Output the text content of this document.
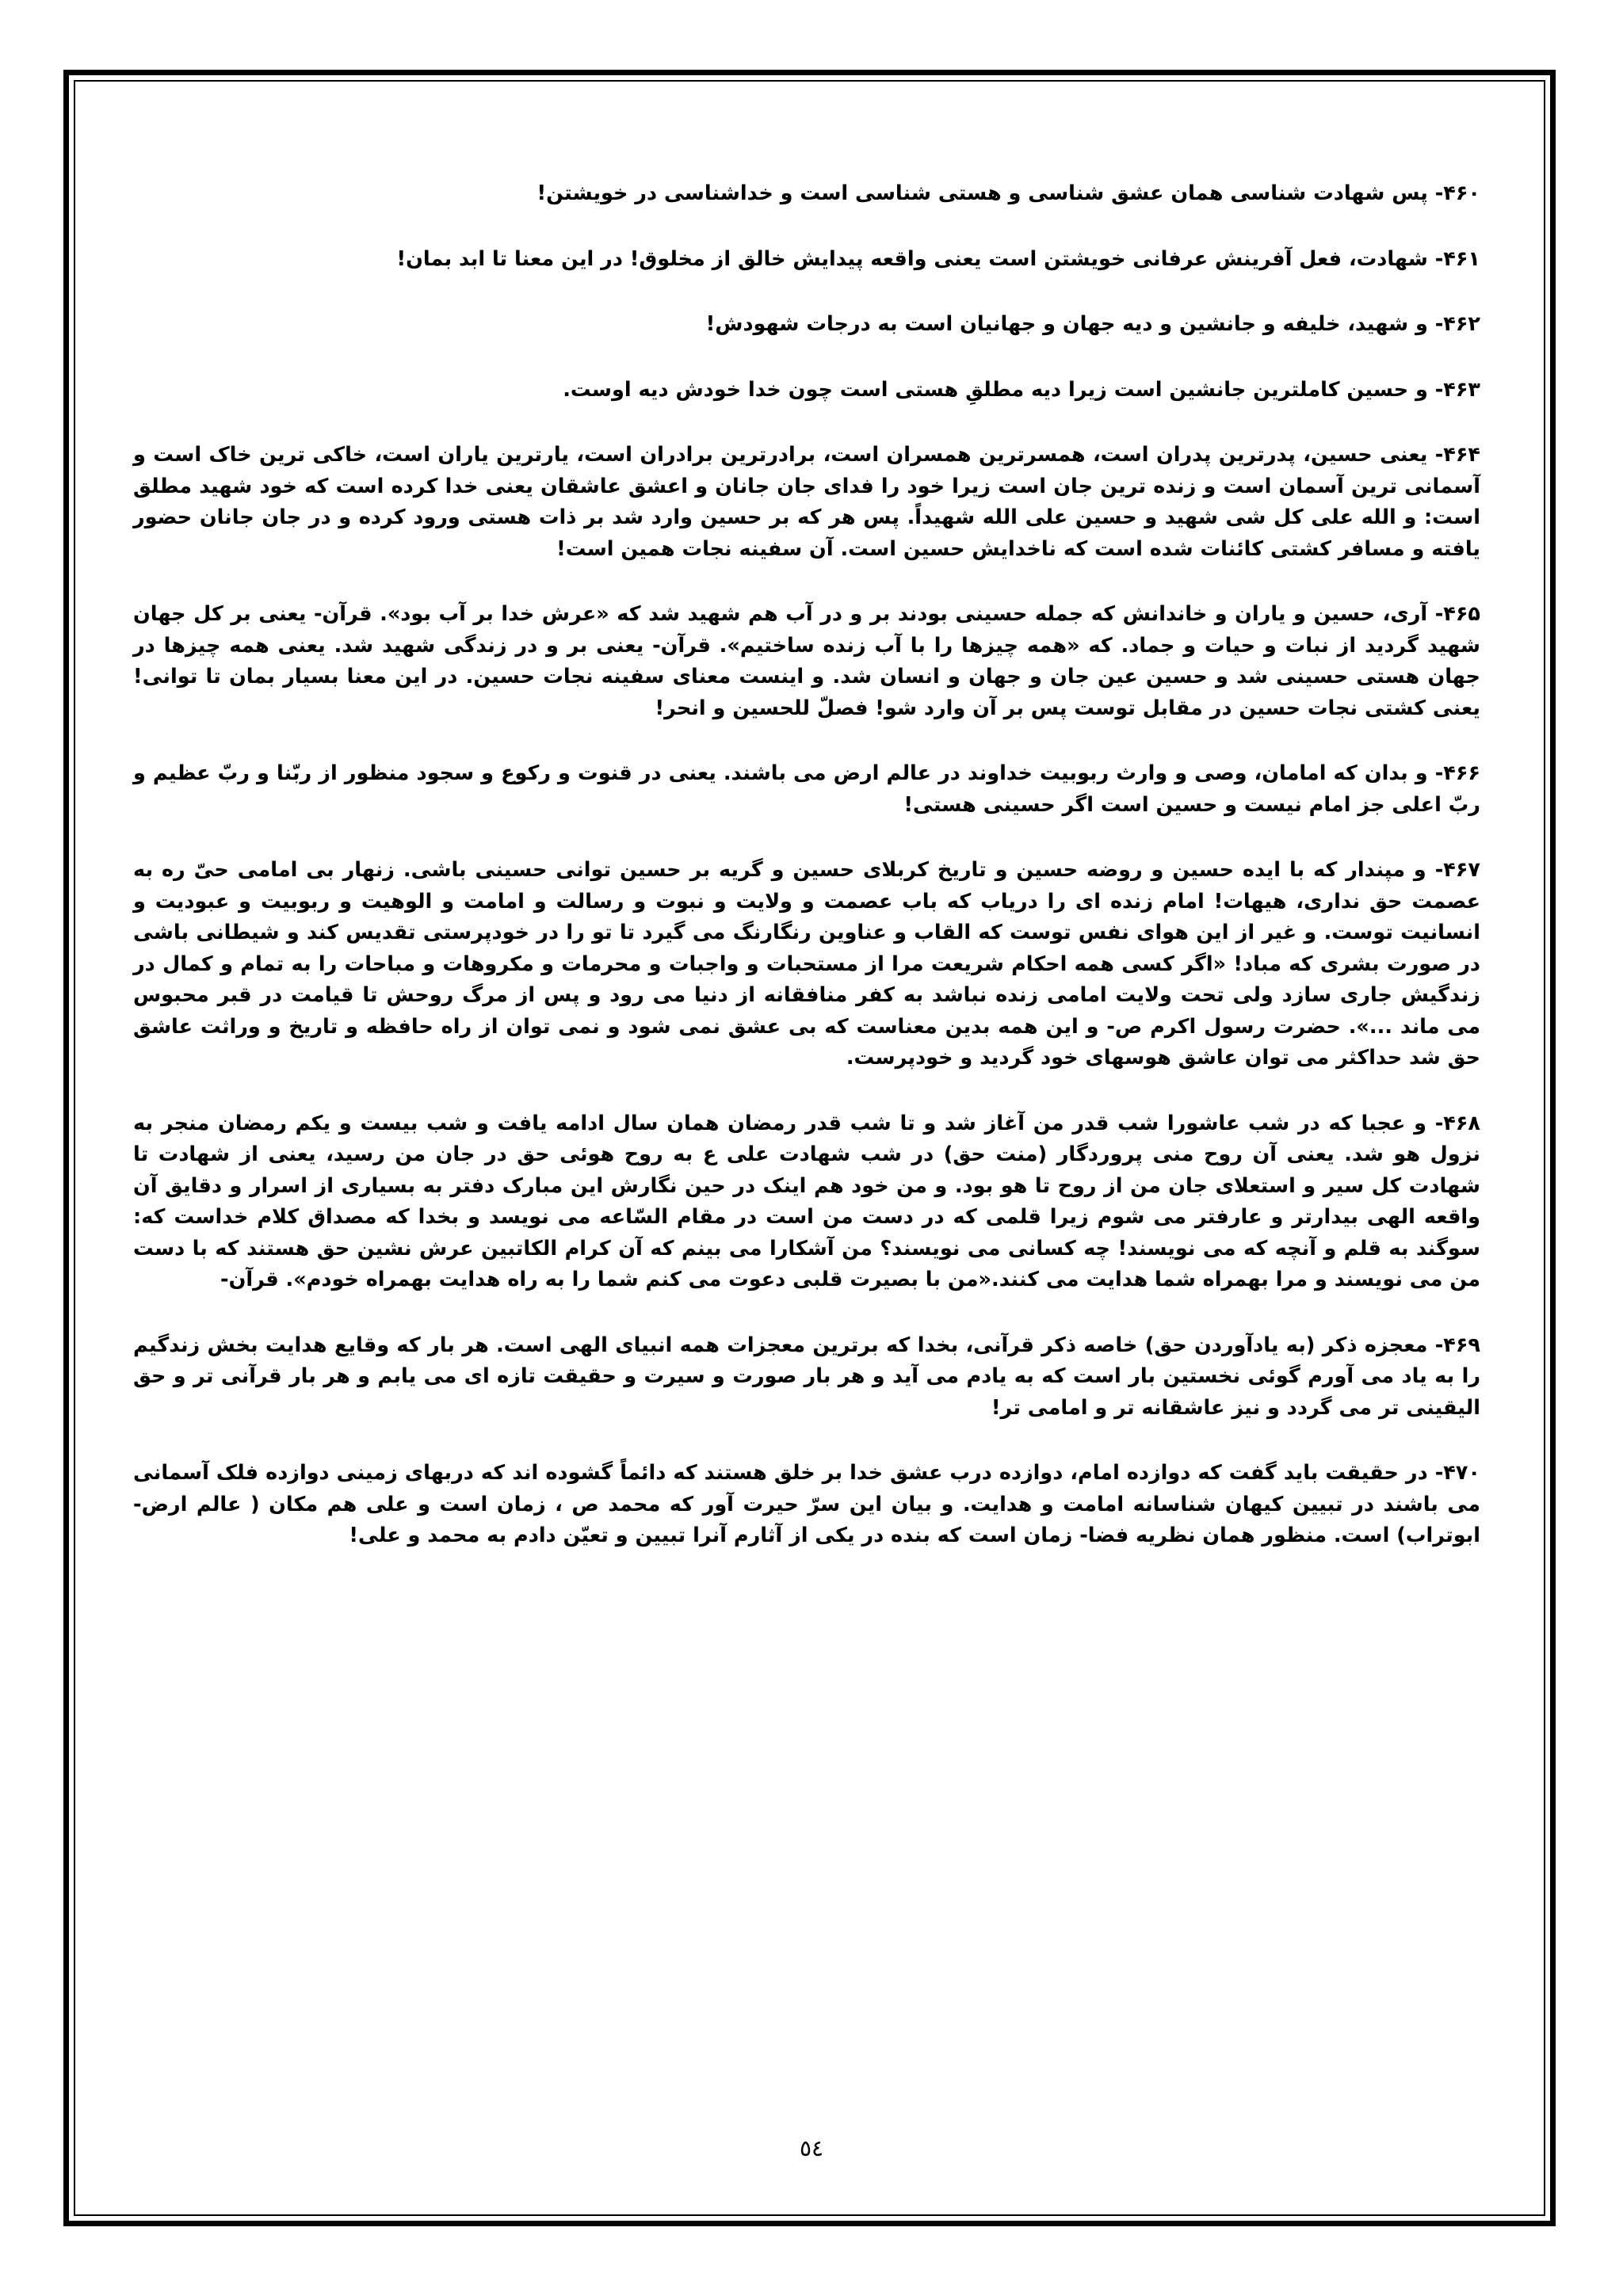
۴۶۰- پس شهادت شناسی همان عشق شناسی و هستی شناسی است و خداشناسی در خویشتن!

۴۶۱- شهادت، فعل آفرینش عرفانی خویشتن است یعنی واقعه پیدایش خالق از مخلوق! در این معنا تا ابد بمان!

۴۶۲- و شهید، خلیفه و جانشین و دیه جهان و جهانیان است به درجات شهودش!

۴۶۳- و حسین کاملترین جانشین است زیرا دیه مطلقِ هستی است چون خدا خودش دیه اوست.

۴۶۴- یعنی حسین، پدرترین پدران است، همسرترین همسران است، برادرترین برادران است، یارترین یاران است، خاکی ترین خاک است و آسمانی ترین آسمان است و زنده ترین جان است زیرا خود را فدای جان جانان و اعشق عاشقان یعنی خدا کرده است که خود شهید مطلق است: و الله علی کل شی شهید و حسین علی الله شهیداً. پس هر که بر حسین وارد شد بر ذات هستی ورود کرده و در جان جانان حضور یافته و مسافر کشتی کائنات شده است که ناخدایش حسین است. آن سفینه نجات همین است!

۴۶۵- آری، حسین و یاران و خاندانش که جمله حسینی بودند بر و در آب هم شهید شد که «عرش خدا بر آب بود». قرآن- یعنی بر کل جهان شهید گردید از نبات و حیات و جماد. که «همه چیزها را با آب زنده ساختیم». قرآن- یعنی بر و در زندگی شهید شد. یعنی همه چیزها در جهان هستی حسینی شد و حسین عین جان و جهان و انسان شد. و اینست معنای سفینه نجات حسین. در این معنا بسیار بمان تا توانی! یعنی کشتی نجات حسین در مقابل توست پس بر آن وارد شو! فصلّ للحسین و انحر!

۴۶۶- و بدان که امامان، وصی و وارث ربوبیت خداوند در عالم ارض می باشند. یعنی در قنوت و رکوع و سجود منظور از ربّنا و ربّ عظیم و ربّ اعلی جز امام نیست و حسین است اگر حسینی هستی!

۴۶۷- و مپندار که با ایده حسین و روضه حسین و تاریخ کربلای حسین و گریه بر حسین توانی حسینی باشی. زنهار بی امامی حیّ ره به عصمت حق نداری، هیهات! امام زنده ای را دریاب که باب عصمت و ولایت و نبوت و رسالت و امامت و الوهیت و ربوبیت و عبودیت و انسانیت توست. و غیر از این هوای نفس توست که القاب و عناوین رنگارنگ می گیرد تا تو را در خودپرستی تقدیس کند و شیطانی باشی در صورت بشری که مباد! «اگر کسی همه احکام شریعت مرا از مستحبات و واجبات و محرمات و مکروهات و مباحات را به تمام و کمال در زندگیش جاری سازد ولی تحت ولایت امامی زنده نباشد به کفر منافقانه از دنیا می رود و پس از مرگ روحش تا قیامت در قبر محبوس می ماند ...». حضرت رسول اکرم ص- و این همه بدین معناست که بی عشق نمی شود و نمی توان از راه حافظه و تاریخ و وراثت عاشق حق شد حداکثر می توان عاشق هوسهای خود گردید و خودپرست.

۴۶۸- و عجبا که در شب عاشورا شب قدر من آغاز شد و تا شب قدر رمضان همان سال ادامه یافت و شب بیست و یکم رمضان منجر به نزول هو شد. یعنی آن روح منی پروردگار (منت حق) در شب شهادت علی ع به روح هوئی حق در جان من رسید، یعنی از شهادت تا شهادت کل سیر و استعلای جان من از روح تا هو بود. و من خود هم اینک در حین نگارش این مبارک دفتر به بسیاری از اسرار و دقایق آن واقعه الهی بیدارتر و عارفتر می شوم زیرا قلمی که در دست من است در مقام السّاعه می نویسد و بخدا که مصداق کلام خداست که: سوگند به قلم و آنچه که می نویسند! چه کسانی می نویسند؟ من آشکارا می بینم که آن کرام الکاتبین عرش نشین حق هستند که با دست من می نویسند و مرا بهمراه شما هدایت می کنند.«من با بصیرت قلبی دعوت می کنم شما را به راه هدایت بهمراه خودم». قرآن-

۴۶۹- معجزه ذکر (به یادآوردن حق) خاصه ذکر قرآنی، بخدا که برترین معجزات همه انبیای الهی است. هر بار که وقایع هدایت بخش زندگیم را به یاد می آورم گوئی نخستین بار است که به یادم می آید و هر بار صورت و سیرت و حقیقت تازه ای می یابم و هر بار قرآنی تر و حق الیقینی تر می گردد و نیز عاشقانه تر و امامی تر!

۴۷۰- در حقیقت باید گفت که دوازده امام، دوازده درب عشق خدا بر خلق هستند که دائماً گشوده اند که دربهای زمینی دوازده فلک آسمانی می باشند در تبیین کیهان شناسانه امامت و هدایت. و بیان این سرّ حیرت آور که محمد ص ، زمان است و علی هم مکان ( عالم ارض- ابوتراب) است. منظور همان نظریه فضا- زمان است که بنده در یکی از آثارم آنرا تبیین و تعیّن دادم به محمد و علی!

٥٤
